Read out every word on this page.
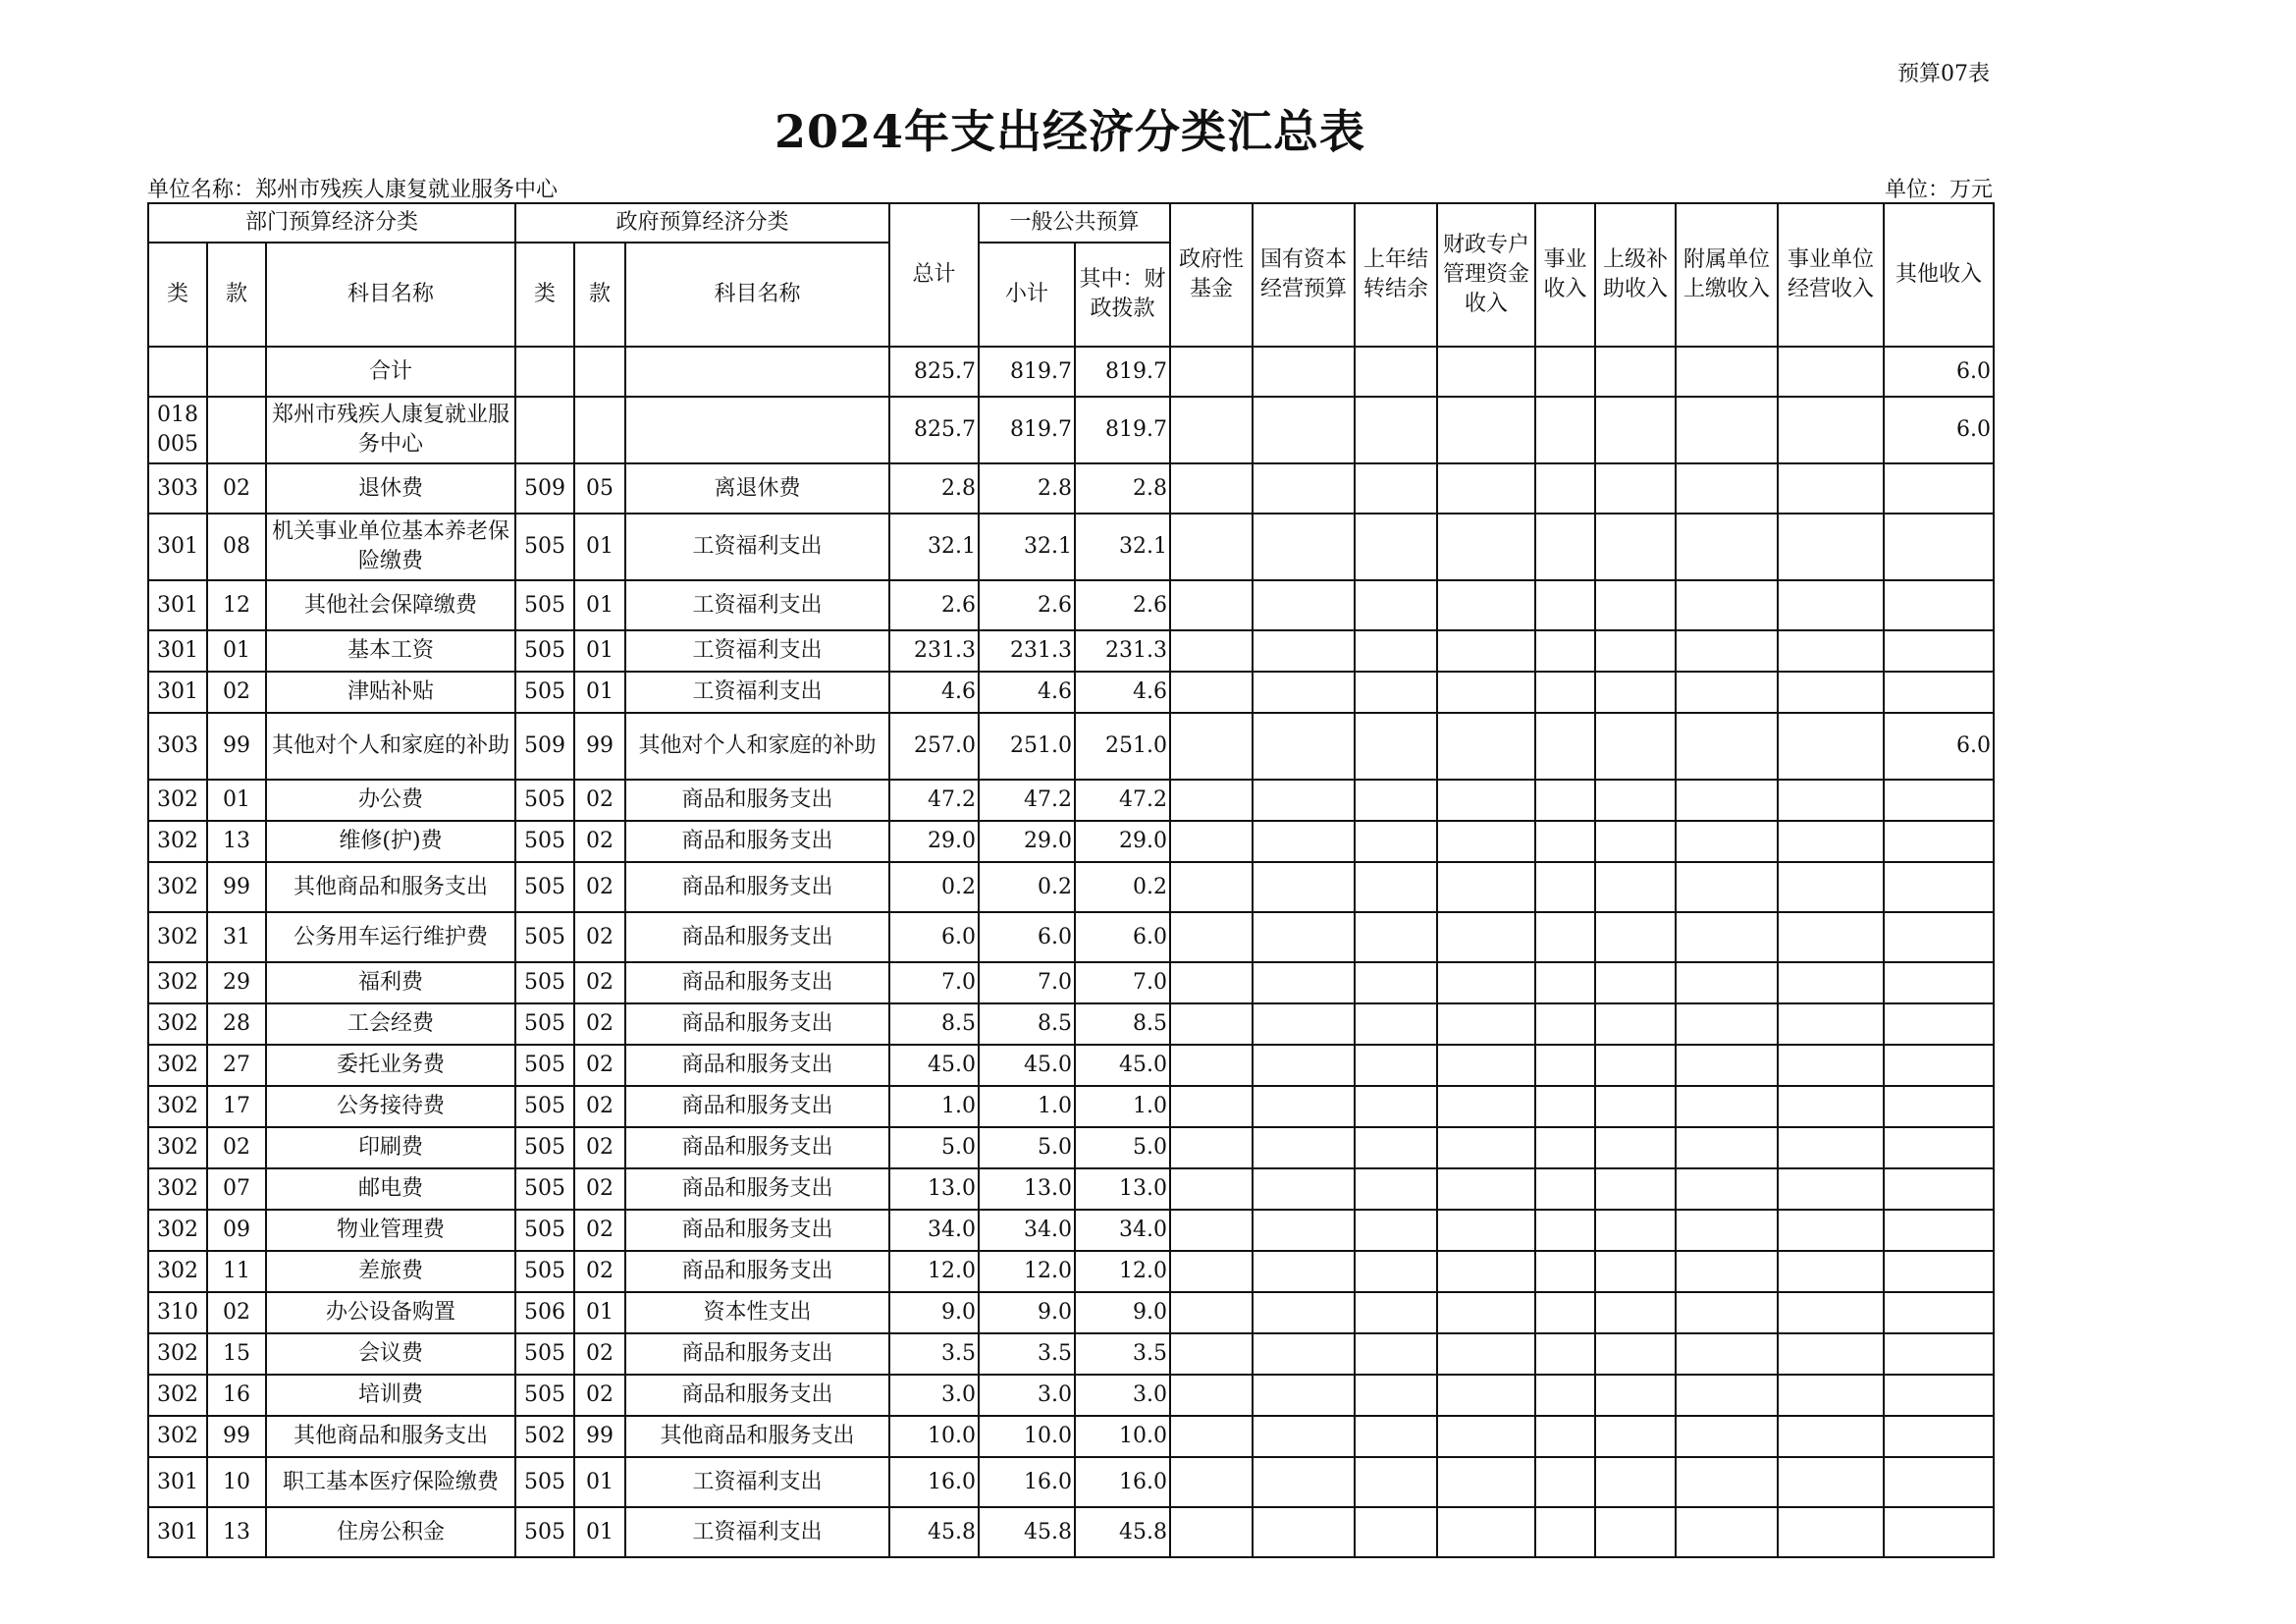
预算07表
2024年支出经济分类汇总表
单位名称：郑州市残疾人康复就业服务中心	单位：万元
部门预算经济分类			政府预算经济分类			总计	一般公共预算		政府性基金	国有资本经营预算	上年结转结余	财政专户管理资金收入	事业收入	上级补助收入	附属单位上缴收入	事业单位经营收入	其他收入
类	款	科目名称	类	款	科目名称		小计	其中：财政拨款									
		合计				825.7	819.7	819.7									6.0
018005		郑州市残疾人康复就业服务中心				825.7	819.7	819.7									6.0
303	02	退休费	509	05	离退休费	2.8	2.8	2.8									
301	08	机关事业单位基本养老保险缴费	505	01	工资福利支出	32.1	32.1	32.1									
301	12	其他社会保障缴费	505	01	工资福利支出	2.6	2.6	2.6									
301	01	基本工资	505	01	工资福利支出	231.3	231.3	231.3									
301	02	津贴补贴	505	01	工资福利支出	4.6	4.6	4.6									
303	99	其他对个人和家庭的补助	509	99	其他对个人和家庭的补助	257.0	251.0	251.0									6.0
302	01	办公费	505	02	商品和服务支出	47.2	47.2	47.2									
302	13	维修(护)费	505	02	商品和服务支出	29.0	29.0	29.0									
302	99	其他商品和服务支出	505	02	商品和服务支出	0.2	0.2	0.2									
302	31	公务用车运行维护费	505	02	商品和服务支出	6.0	6.0	6.0									
302	29	福利费	505	02	商品和服务支出	7.0	7.0	7.0									
302	28	工会经费	505	02	商品和服务支出	8.5	8.5	8.5									
302	27	委托业务费	505	02	商品和服务支出	45.0	45.0	45.0									
302	17	公务接待费	505	02	商品和服务支出	1.0	1.0	1.0									
302	02	印刷费	505	02	商品和服务支出	5.0	5.0	5.0									
302	07	邮电费	505	02	商品和服务支出	13.0	13.0	13.0									
302	09	物业管理费	505	02	商品和服务支出	34.0	34.0	34.0									
302	11	差旅费	505	02	商品和服务支出	12.0	12.0	12.0									
310	02	办公设备购置	506	01	资本性支出	9.0	9.0	9.0									
302	15	会议费	505	02	商品和服务支出	3.5	3.5	3.5									
302	16	培训费	505	02	商品和服务支出	3.0	3.0	3.0									
302	99	其他商品和服务支出	502	99	其他商品和服务支出	10.0	10.0	10.0									
301	10	职工基本医疗保险缴费	505	01	工资福利支出	16.0	16.0	16.0									
301	13	住房公积金	505	01	工资福利支出	45.8	45.8	45.8									
